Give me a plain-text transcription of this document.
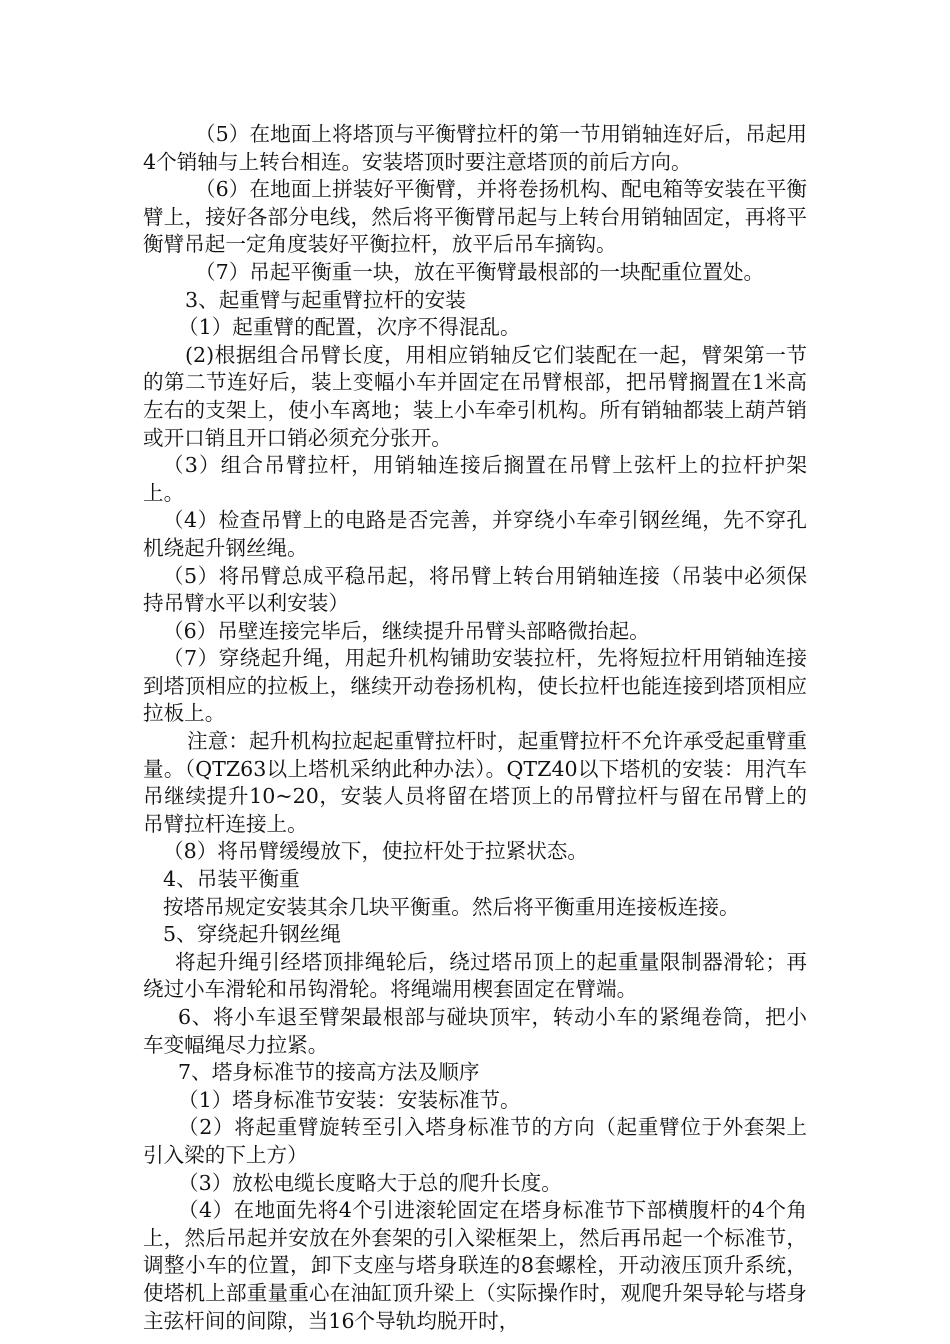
（5）在地面上将塔顶与平衡臂拉杆的第一节用销轴连好后，吊起用4个销轴与上转台相连。安装塔顶时要注意塔顶的前后方向。

（6）在地面上拼装好平衡臂，并将卷扬机构、配电箱等安装在平衡臂上，接好各部分电线，然后将平衡臂吊起与上转台用销轴固定，再将平衡臂吊起一定角度装好平衡拉杆，放平后吊车摘钩。

（7）吊起平衡重一块，放在平衡臂最根部的一块配重位置处。

3、起重臂与起重臂拉杆的安装

（1）起重臂的配置，次序不得混乱。

(2)根据组合吊臂长度，用相应销轴反它们装配在一起，臂架第一节的第二节连好后，装上变幅小车并固定在吊臂根部，把吊臂搁置在1米高左右的支架上，使小车离地；装上小车牵引机构。所有销轴都装上葫芦销或开口销且开口销必须充分张开。

（3）组合吊臂拉杆，用销轴连接后搁置在吊臂上弦杆上的拉杆护架上。

（4）检查吊臂上的电路是否完善，并穿绕小车牵引钢丝绳，先不穿孔机绕起升钢丝绳。

（5）将吊臂总成平稳吊起，将吊臂上转台用销轴连接（吊装中必须保持吊臂水平以利安装）

（6）吊壁连接完毕后，继续提升吊臂头部略微抬起。

（7）穿绕起升绳，用起升机构铺助安装拉杆，先将短拉杆用销轴连接到塔顶相应的拉板上，继续开动卷扬机构，使长拉杆也能连接到塔顶相应拉板上。

注意：起升机构拉起起重臂拉杆时，起重臂拉杆不允许承受起重臂重量。（QTZ63以上塔机采纳此种办法）。QTZ40以下塔机的安装：用汽车吊继续提升10~20，安装人员将留在塔顶上的吊臂拉杆与留在吊臂上的吊臂拉杆连接上。

（8）将吊臂缓缦放下，使拉杆处于拉紧状态。

4、吊装平衡重

按塔吊规定安装其余几块平衡重。然后将平衡重用连接板连接。

5、穿绕起升钢丝绳

将起升绳引经塔顶排绳轮后，绕过塔吊顶上的起重量限制器滑轮；再绕过小车滑轮和吊钩滑轮。将绳端用楔套固定在臂端。

6、将小车退至臂架最根部与碰块顶牢，转动小车的紧绳卷筒，把小车变幅绳尽力拉紧。

7、塔身标准节的接高方法及顺序

（1）塔身标准节安装：安装标准节。

（2）将起重臂旋转至引入塔身标准节的方向（起重臂位于外套架上引入梁的下上方）

（3）放松电缆长度略大于总的爬升长度。

（4）在地面先将4个引进滚轮固定在塔身标准节下部横腹杆的4个角上，然后吊起并安放在外套架的引入梁框架上，然后再吊起一个标准节，调整小车的位置，卸下支座与塔身联连的8套螺栓，开动液压顶升系统，使塔机上部重量重心在油缸顶升梁上（实际操作时，观爬升架导轮与塔身主弦杆间的间隙，当16个导轨均脱开时，
